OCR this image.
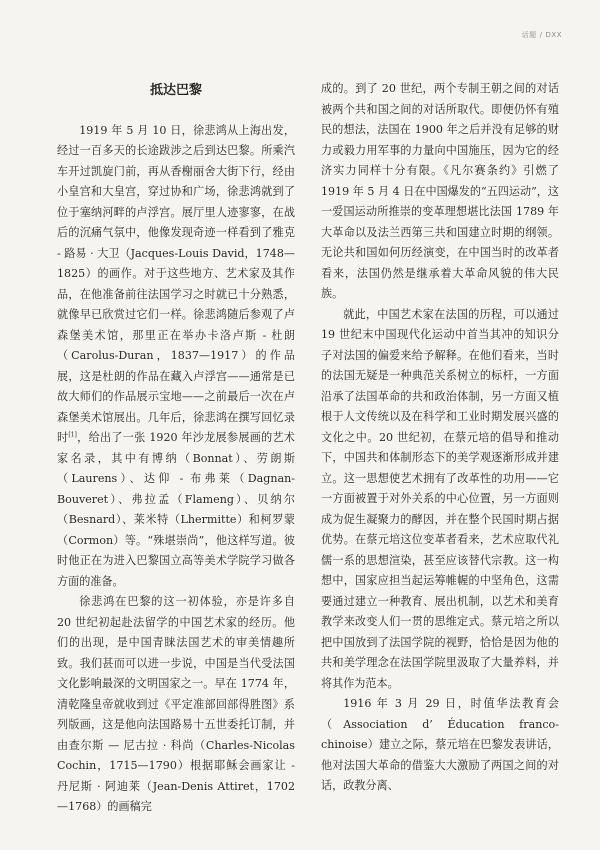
话题 / DXX
抵达巴黎

1919 年 5 月 10 日，徐悲鸿从上海出发，经过一百多天的长途跋涉之后到达巴黎。所乘汽车开过凯旋门前，再从香榭丽舍大街下行，经由小皇宫和大皇宫，穿过协和广场，徐悲鸿就到了位于塞纳河畔的卢浮宫。展厅里人迹寥寥，在战后的沉痛气氛中，他像发现奇迹一样看到了雅克 - 路易 · 大卫（Jacques-Louis David，1748—1825）的画作。对于这些地方、艺术家及其作品，在他准备前往法国学习之时就已十分熟悉，就像早已欣赏过它们一样。徐悲鸿随后参观了卢森堡美术馆，那里正在举办卡洛卢斯 - 杜朗（Carolus-Duran，1837—1917）的作品展，这是杜朗的作品在藏入卢浮宫——通常是已故大师们的作品展示宝地——之前最后一次在卢森堡美术馆展出。几年后，徐悲鸿在撰写回忆录时[1]，给出了一张 1920 年沙龙展参展画的艺术家名录，其中有博纳（Bonnat）、劳朗斯（Laurens）、达仰 - 布弗莱（Dagnan-Bouveret）、弗拉孟（Flameng）、贝纳尔（Besnard）、莱米特（Lhermitte）和柯罗蒙（Cormon）等。“殊堪崇尚”，他这样写道。彼时他正在为进入巴黎国立高等美术学院学习做各方面的准备。

徐悲鸿在巴黎的这一初体验，亦是许多自 20 世纪初起赴法留学的中国艺术家的经历。他们的出现，是中国青睐法国艺术的审美情趣所致。我们甚而可以进一步说，中国是当代受法国文化影响最深的文明国家之一。早在 1774 年，清乾隆皇帝就收到过《平定准部回部得胜图》系列版画，这是他向法国路易十五世委托订制，并由查尔斯 — 尼古拉 · 科尚（Charles-Nicolas Cochin，1715—1790）根据耶稣会画家让 - 丹尼斯 · 阿迪莱（Jean-Denis Attiret，1702—1768）的画稿完

成的。到了 20 世纪，两个专制王朝之间的对话被两个共和国之间的对话所取代。即便仍怀有殖民的想法，法国在 1900 年之后并没有足够的财力或毅力用军事的力量向中国施压，因为它的经济实力同样十分有限。《凡尔赛条约》引燃了 1919 年 5 月 4 日在中国爆发的“五四运动”，这一爱国运动所推崇的变革理想堪比法国 1789 年大革命以及法兰西第三共和国建立时期的纲领。无论共和国如何历经演变，在中国当时的改革者看来，法国仍然是继承着大革命风貌的伟大民族。

就此，中国艺术家在法国的历程，可以通过 19 世纪末中国现代化运动中首当其冲的知识分子对法国的偏爱来给予解释。在他们看来，当时的法国无疑是一种典范关系树立的标杆，一方面沿承了法国革命的共和政治体制，另一方面又植根于人文传统以及在科学和工业时期发展兴盛的文化之中。20 世纪初，在蔡元培的倡导和推动下，中国共和体制形态下的美学观逐渐形成并建立。这一思想使艺术拥有了改革性的功用——它一方面被置于对外关系的中心位置，另一方面则成为促生凝聚力的酵因，并在整个民国时期占据优势。在蔡元培这位变革者看来，艺术应取代礼儒一系的思想渲染，甚至应该替代宗教。这一构想中，国家应担当起运筹帷幄的中坚角色，这需要通过建立一种教育、展出机制，以艺术和美育教学来改变人们一贯的思维定式。蔡元培之所以把中国放到了法国学院的视野，恰恰是因为他的共和美学理念在法国学院里汲取了大量养料，并将其作为范本。

1916 年 3 月 29 日，时值华法教育会（Association d’ Éducation franco-chinoise）建立之际，蔡元培在巴黎发表讲话，他对法国大革命的借鉴大大激励了两国之间的对话，政教分离、
